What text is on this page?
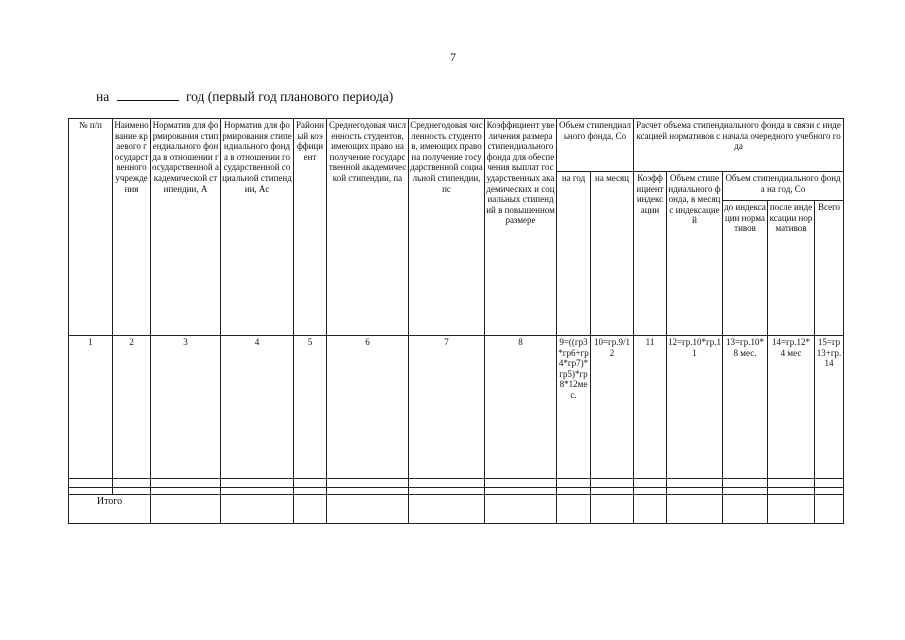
7
на	год (первый год планового периода)
№ п/п	Наименование краевого государственного учреждения	Норматив для формирования стипендиального фонда в отношении государственной академической стипендии, А	Норматив для формирования стипендиального фонда в отношении государственной социальной стипендии, Ас	Районный коэффициент	Среднегодовая численность студентов, имеющих право на получение государственной академической стипендии, па	Среднегодовая численность студентов, имеющих право на получение государственной социальной стипендии, пс	Коэффициент увеличения размера стипендиального фонда для обеспечения выплат государственных академических и социальных стипендий в повышенном размере	Объем стипендиального фонда, Со		Расчет объема стипендиального фонда в связи с индексацией нормативов с начала очередного учебного года				
								на год	на месяц	Коэффициент индексации	Объем стипендиального фонда, в месяц с индексацией	Объем стипендиального фонда на год, Со		
												до индексации нормативов	после индексации нормативов	Всего
1	2	3	4	5	6	7	8	9=((гр3*гр6+гр4*гр7)*гр5)*гр8*12мес.	10=гр.9/12	11	12=гр.10*гр.11	13=гр.10*8 мес.	14=гр.12* 4 мес	15=гр13+гр.14

Итого														
